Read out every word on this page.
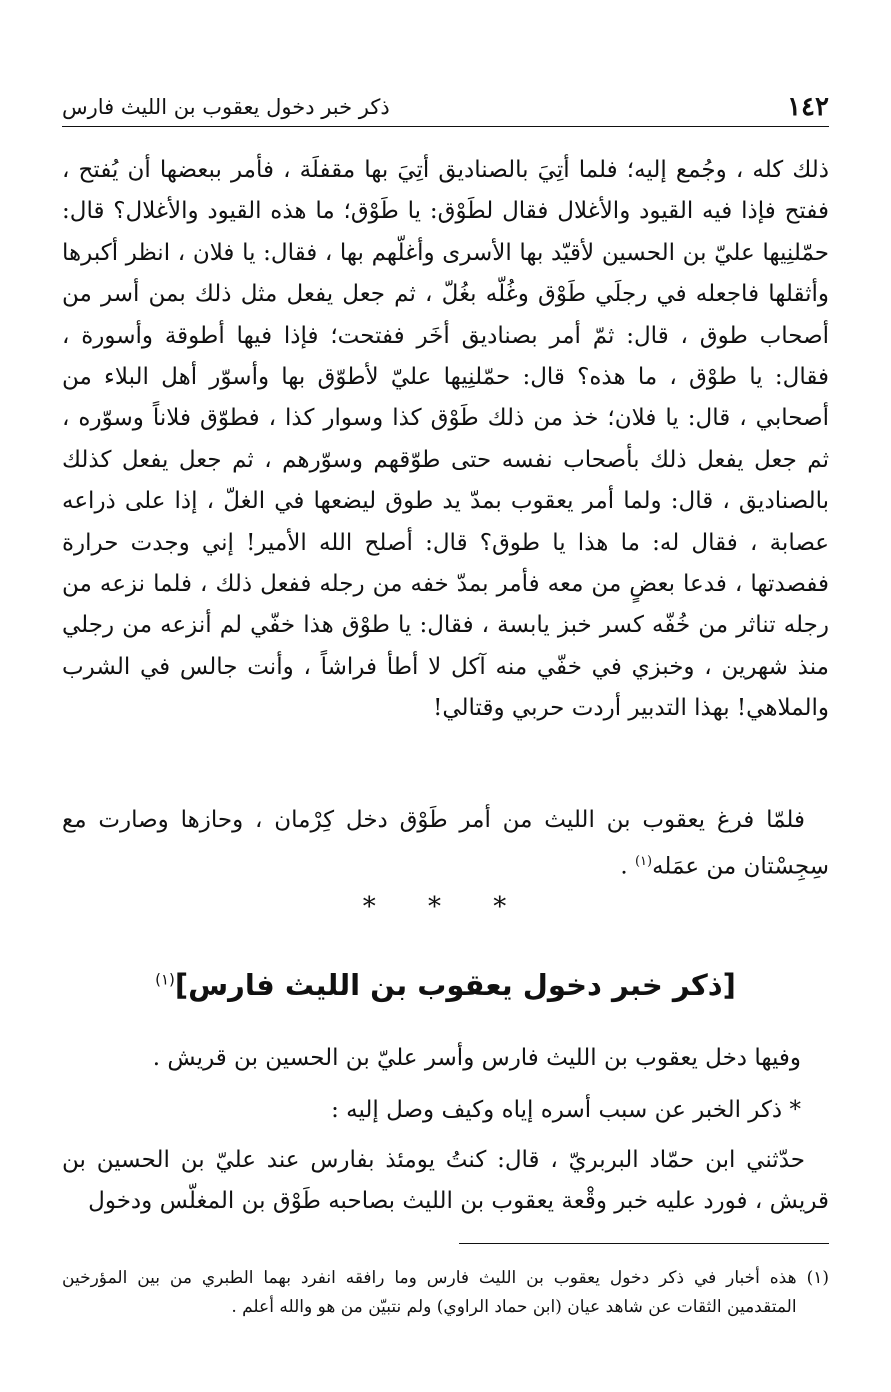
١٤٢
ذكر خبر دخول يعقوب بن الليث فارس

ذلك كله ، وجُمع إليه؛ فلما أتِيَ بالصناديق أتِيَ بها مقفلَة ، فأمر ببعضها أن يُفتح ، ففتح فإذا فيه القيود والأغلال فقال لطَوْق: يا طَوْق؛ ما هذه القيود والأغلال؟ قال: حمّلنِيها عليّ بن الحسين لأقيّد بها الأسرى وأغلّهم بها ، فقال: يا فلان ، انظر أكبرها وأثقلها فاجعله في رجلَي طَوْق وغُلّه بغُلّ ، ثم جعل يفعل مثل ذلك بمن أسر من أصحاب طوق ، قال: ثمّ أمر بصناديق أخَر ففتحت؛ فإذا فيها أطوقة وأسورة ، فقال: يا طوْق ، ما هذه؟ قال: حمّلنِيها عليّ لأطوّق بها وأسوّر أهل البلاء من أصحابي ، قال: يا فلان؛ خذ من ذلك طَوْق كذا وسوار كذا ، فطوّق فلاناً وسوّره ، ثم جعل يفعل ذلك بأصحاب نفسه حتى طوّقهم وسوّرهم ، ثم جعل يفعل كذلك بالصناديق ، قال: ولما أمر يعقوب بمدّ يد طوق ليضعها في الغلّ ، إذا على ذراعه عصابة ، فقال له: ما هذا يا طوق؟ قال: أصلح الله الأمير! إني وجدت حرارة ففصدتها ، فدعا بعضٍ من معه فأمر بمدّ خفه من رجله ففعل ذلك ، فلما نزعه من رجله تناثر من خُفّه كسر خبز يابسة ، فقال: يا طوْق هذا خفّي لم أنزعه من رجلي منذ شهرين ، وخبزي في خفّي منه آكل لا أطأ فراشاً ، وأنت جالس في الشرب والملاهي! بهذا التدبير أردت حربي وقتالي!

فلمّا فرغ يعقوب بن الليث من أمر طَوْق دخل كِرْمان ، وحازها وصارت مع سِجِسْتان من عمَله$^{(١)}$ .

* * *
[ذكر خبر دخول يعقوب بن الليث فارس]$^{(١)}$

وفيها دخل يعقوب بن الليث فارس وأسر عليّ بن الحسين بن قريش .

* ذكر الخبر عن سبب أسره إياه وكيف وصل إليه :

حدّثني ابن حمّاد البربريّ ، قال: كنتُ يومئذ بفارس عند عليّ بن الحسين بن قريش ، فورد عليه خبر وقْعة يعقوب بن الليث بصاحبه طَوْق بن المغلّس ودخول

(١)
هذه أخبار في ذكر دخول يعقوب بن الليث فارس وما رافقه انفرد بهما الطبري من بين المؤرخين المتقدمين الثقات عن شاهد عيان (ابن حماد الراوي) ولم نتبيّن من هو والله أعلم .
